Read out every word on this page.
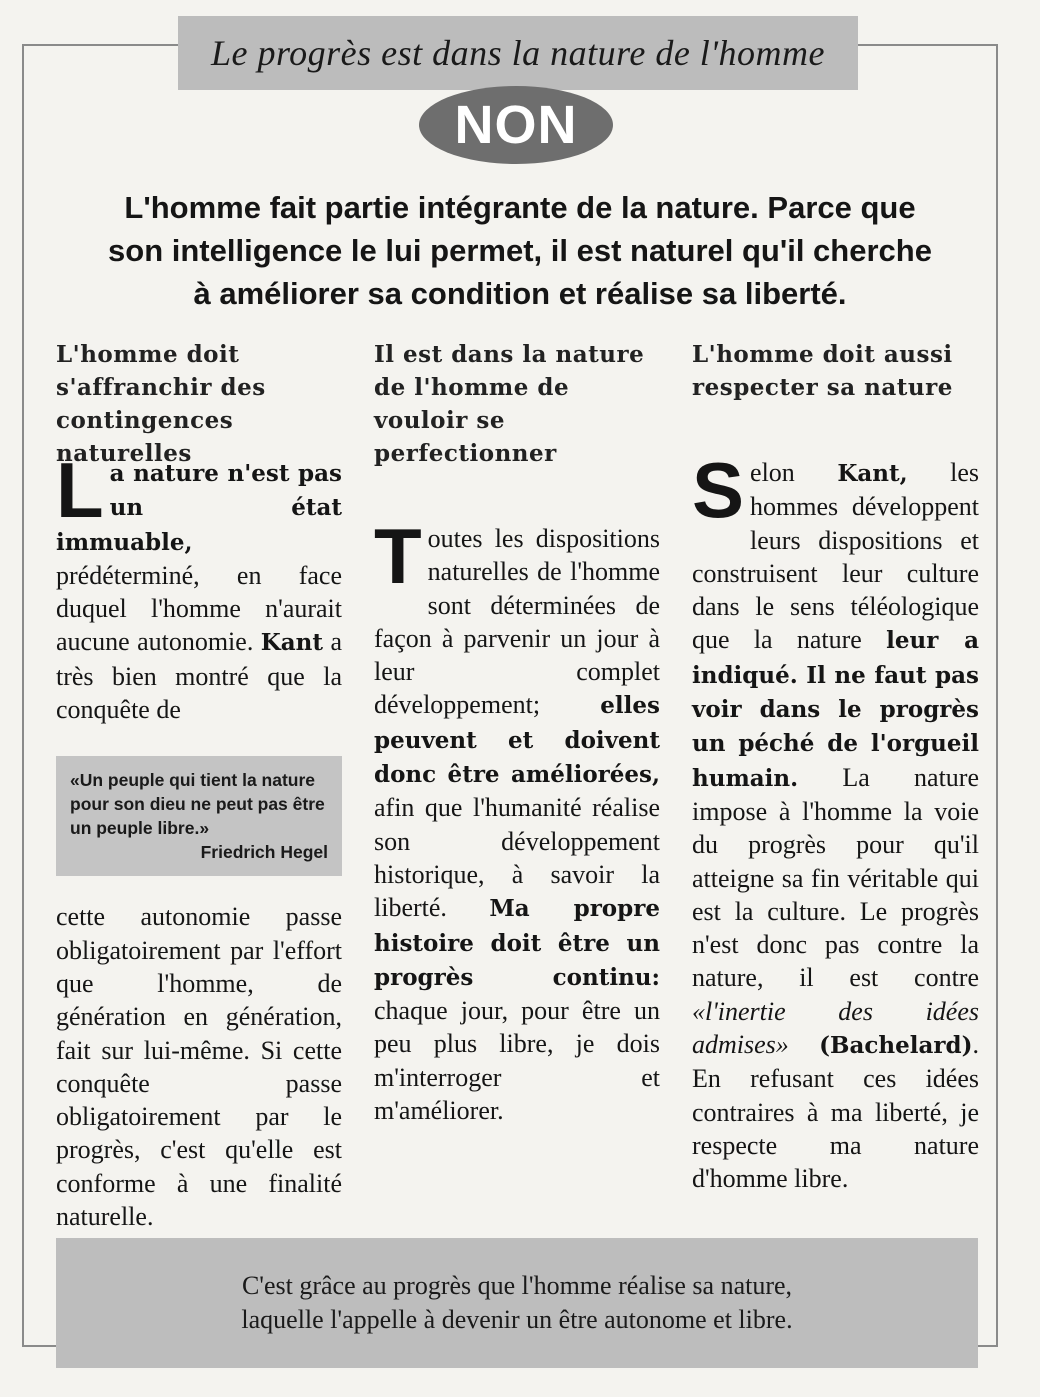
Le progrès est dans la nature de l'homme
NON
L'homme fait partie intégrante de la nature. Parce que
son intelligence le lui permet, il est naturel qu'il cherche
à améliorer sa condition et réalise sa liberté.
L'homme doit s'affranchir des contingences naturelles
La nature n'est pas un état immuable, prédéterminé, en face duquel l'homme n'aurait aucune autonomie. Kant a très bien montré que la conquête de
«Un peuple qui tient la nature pour son dieu ne peut pas être un peuple libre.»
Friedrich Hegel
cette autonomie passe obligatoirement par l'effort que l'homme, de génération en génération, fait sur lui-même. Si cette conquête passe obligatoirement par le progrès, c'est qu'elle est conforme à une finalité naturelle.
Il est dans la nature de l'homme de vouloir se perfectionner
Toutes les dispositions naturelles de l'homme sont déterminées de façon à parvenir un jour à leur complet développement; elles peuvent et doivent donc être améliorées, afin que l'humanité réalise son développement historique, à savoir la liberté. Ma propre histoire doit être un progrès continu: chaque jour, pour être un peu plus libre, je dois m'interroger et m'améliorer.
L'homme doit aussi respecter sa nature
Selon Kant, les hommes développent leurs dispositions et construisent leur culture dans le sens téléologique que la nature leur a indiqué. Il ne faut pas voir dans le progrès un péché de l'orgueil humain. La nature impose à l'homme la voie du progrès pour qu'il atteigne sa fin véritable qui est la culture. Le progrès n'est donc pas contre la nature, il est contre «l'inertie des idées admises» (Bachelard). En refusant ces idées contraires à ma liberté, je respecte ma nature d'homme libre.
C'est grâce au progrès que l'homme réalise sa nature,
laquelle l'appelle à devenir un être autonome et libre.
